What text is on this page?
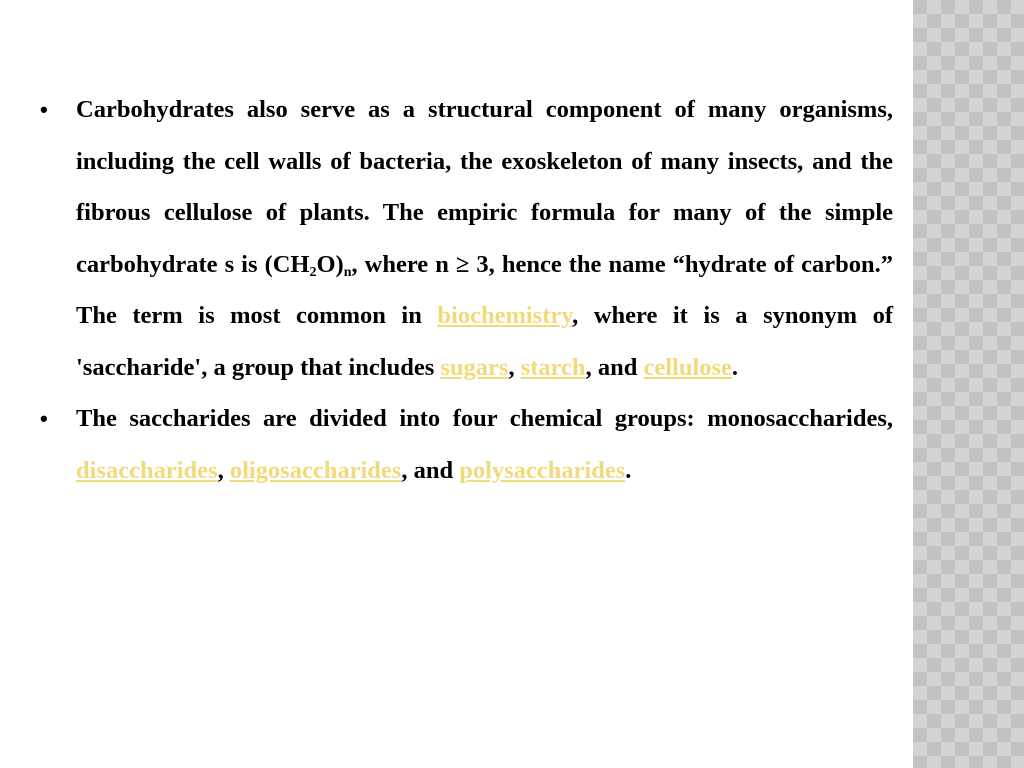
•	Carbohydrates also serve as a structural component of many organisms, including the cell walls of bacteria, the exoskeleton of many insects, and the fibrous cellulose of plants. The empiric formula for many of the simple carbohydrate s is $(CH_2O)_n$, where n ≥ 3, hence the name “hydrate of carbon.” The term is most common in biochemistry, where it is a synonym of 'saccharide', a group that includes sugars, starch, and cellulose.
•	The saccharides are divided into four chemical groups: monosaccharides, disaccharides, oligosaccharides, and polysaccharides.
